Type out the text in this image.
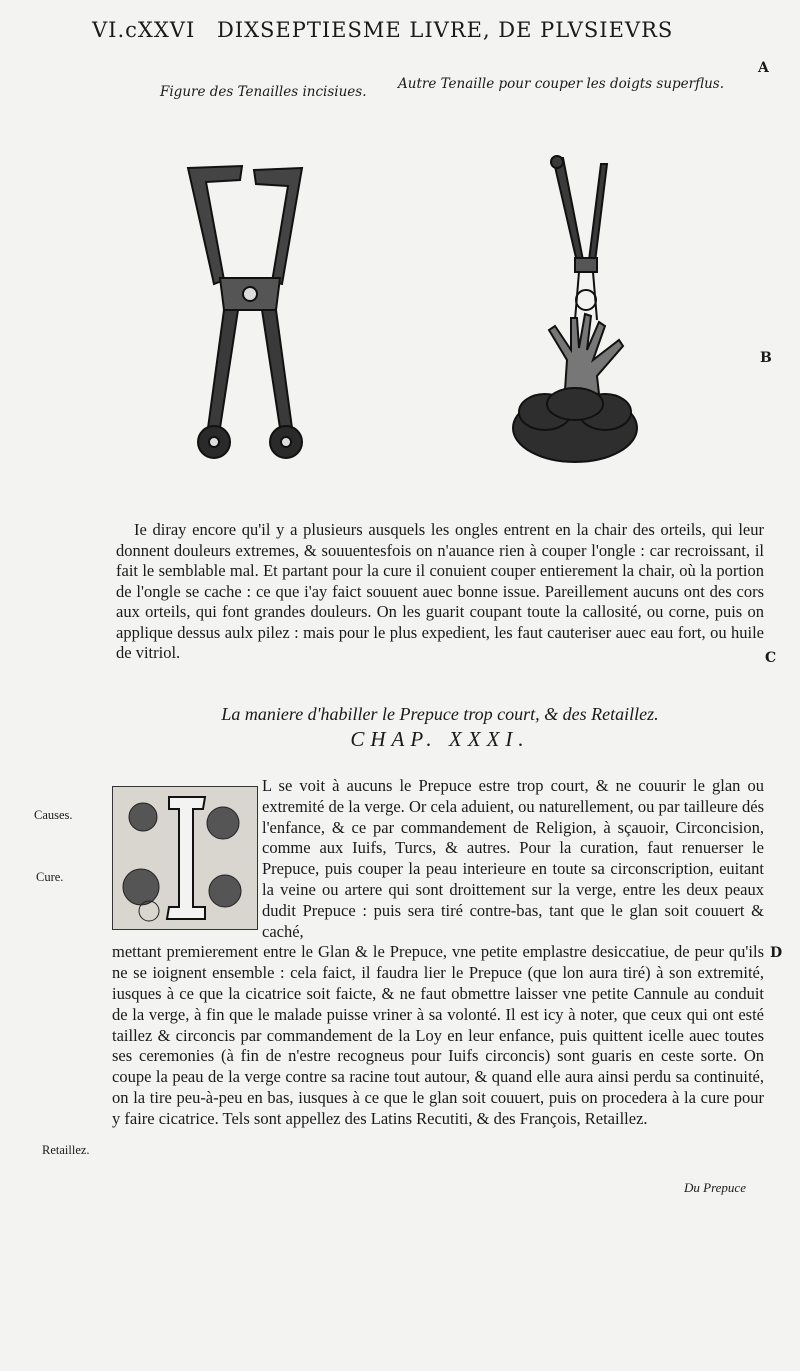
VI.cXXVI DIXSEPTIESME LIVRE, DE PLVSIEVRS
A
B
C
D
Figure des Tenailles incisiues. Autre Tenaille pour couper les doigts superflus.

Ie diray encore qu'il y a plusieurs ausquels les ongles entrent en la chair des orteils, qui leur donnent douleurs extremes, & souuentesfois on n'auance rien à couper l'ongle : car recroissant, il fait le semblable mal. Et partant pour la cure il conuient couper entierement la chair, où la portion de l'ongle se cache : ce que i'ay faict souuent auec bonne issue. Pareillement aucuns ont des cors aux orteils, qui font grandes douleurs. On les guarit coupant toute la callosité, ou corne, puis on applique dessus aulx pilez : mais pour le plus expedient, les faut cauteriser auec eau fort, ou huile de vitriol.

La maniere d'habiller le Prepuce trop court, & des Retaillez.
CHAP. XXXI.
L se voit à aucuns le Prepuce estre trop court, & ne couurir le glan ou extremité de la verge. Or cela aduient, ou naturellement, ou par tailleure dés l'enfance, & ce par commandement de Religion, à sçauoir, Circoncision, comme aux Iuifs, Turcs, & autres. Pour la curation, faut renuerser le Prepuce, puis couper la peau interieure en toute sa circonscription, euitant la veine ou artere qui sont droittement sur la verge, entre les deux peaux dudit Prepuce : puis sera tiré contre-bas, tant que le glan soit couuert & caché,
mettant premierement entre le Glan & le Prepuce, vne petite emplastre desiccatiue, de peur qu'ils ne se ioignent ensemble : cela faict, il faudra lier le Prepuce (que lon aura tiré) à son extremité, iusques à ce que la cicatrice soit faicte, & ne faut obmettre laisser vne petite Cannule au conduit de la verge, à fin que le malade puisse vriner à sa volonté. Il est icy à noter, que ceux qui ont esté taillez & circoncis par commandement de la Loy en leur enfance, puis quittent icelle auec toutes ses ceremonies (à fin de n'estre recogneus pour Iuifs circoncis) sont guaris en ceste sorte. On coupe la peau de la verge contre sa racine tout autour, & quand elle aura ainsi perdu sa continuité, on la tire peu-à-peu en bas, iusques à ce que le glan soit couuert, puis on procedera à la cure pour y faire cicatrice. Tels sont appellez des Latins Recutiti, & des François, Retaillez.
Causes.
Cure.
Retaillez.
Du Prepuce
